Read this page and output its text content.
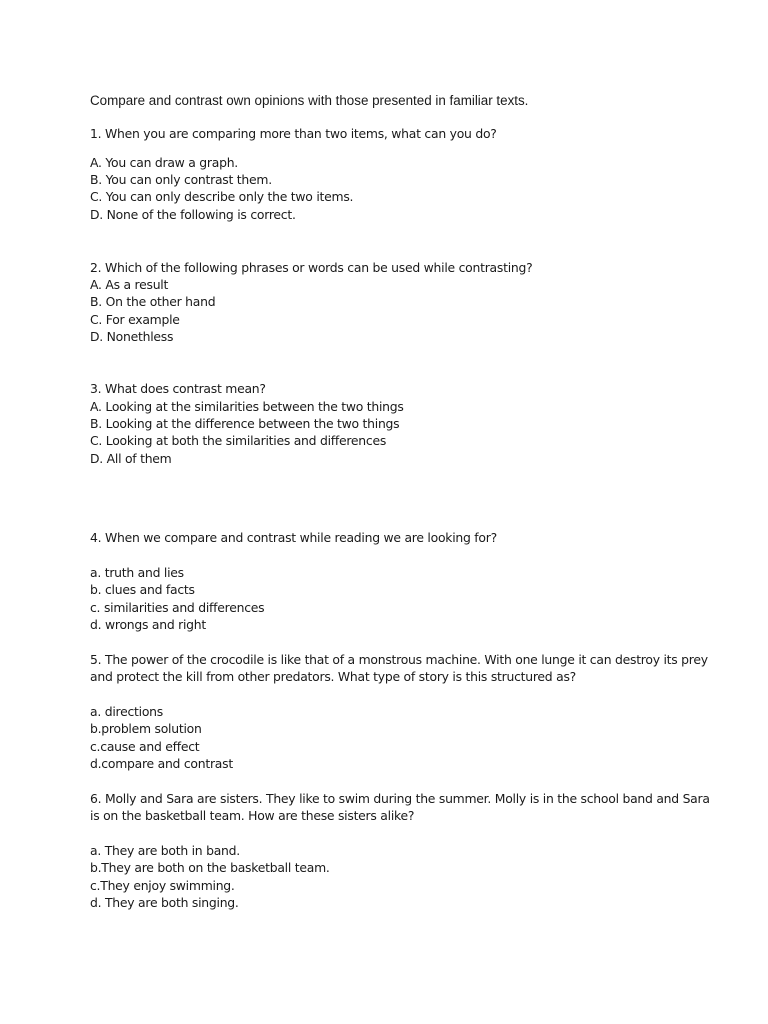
Compare and contrast own opinions with those presented in familiar texts.
1. When you are comparing more than two items, what can you do?
A. You can draw a graph.
B. You can only contrast them.
C. You can only describe only the two items.
D. None of the following is correct.
2. Which of the following phrases or words can be used while contrasting?
A. As a result
B. On the other hand
C. For example
D. Nonethless
3. What does contrast mean?
A. Looking at the similarities between the two things
B. Looking at the difference between the two things
C. Looking at both the similarities and differences
D. All of them
4. When we compare and contrast while reading we are looking for?
a. truth and lies
b. clues and facts
c. similarities and differences
d. wrongs and right
5. The power of the crocodile is like that of a monstrous machine. With one lunge it can destroy its prey
and protect the kill from other predators. What type of story is this structured as?
a. directions
b.problem solution
c.cause and effect
d.compare and contrast
6. Molly and Sara are sisters. They like to swim during the summer. Molly is in the school band and Sara
is on the basketball team. How are these sisters alike?
a. They are both in band.
b.They are both on the basketball team.
c.They enjoy swimming.
d. They are both singing.
